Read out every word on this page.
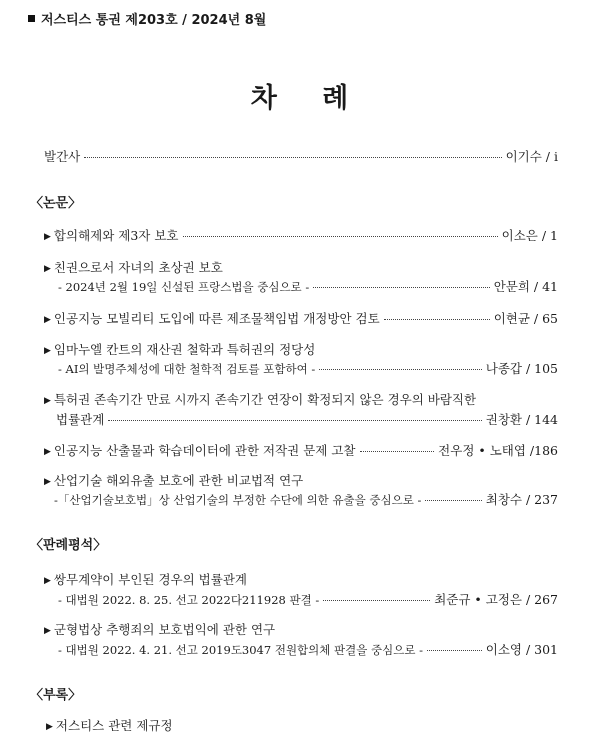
저스티스 통권 제203호 / 2024년 8월
차 례
발간사	이기수 / i
〈논문〉
▶ 합의해제와 제3자 보호	이소은 / 1
▶ 친권으로서 자녀의 초상권 보호
- 2024년 2월 19일 신설된 프랑스법을 중심으로 -	안문희 / 41
▶ 인공지능 모빌리티 도입에 따른 제조물책임법 개정방안 검토	이현균 / 65
▶ 임마누엘 칸트의 재산권 철학과 특허권의 정당성
- AI의 발명주체성에 대한 철학적 검토를 포함하여 -	나종갑 / 105
▶ 특허권 존속기간 만료 시까지 존속기간 연장이 확정되지 않은 경우의 바람직한
법률관계	권창환 / 144
▶ 인공지능 산출물과 학습데이터에 관한 저작권 문제 고찰	전우정 • 노태엽 /186
▶ 산업기술 해외유출 보호에 관한 비교법적 연구
-「산업기술보호법」상 산업기술의 부정한 수단에 의한 유출을 중심으로 -	최창수 / 237
〈판례평석〉
▶ 쌍무계약이 부인된 경우의 법률관계
- 대법원 2022. 8. 25. 선고 2022다211928 판결 -	최준규 • 고정은 / 267
▶ 군형법상 추행죄의 보호법익에 관한 연구
- 대법원 2022. 4. 21. 선고 2019도3047 전원합의체 판결을 중심으로 -	이소영 / 301
〈부록〉
▶ 저스티스 관련 제규정
